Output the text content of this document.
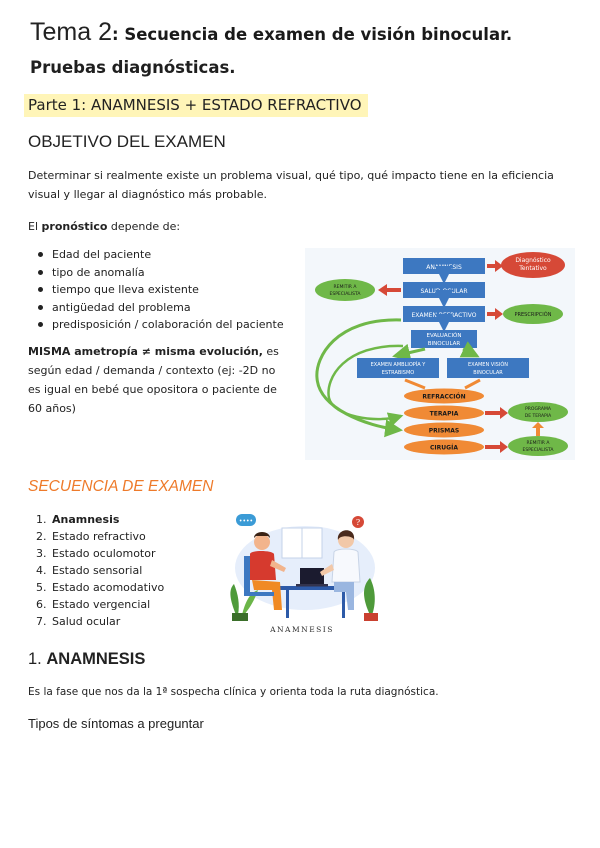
Tema 2: Secuencia de examen de visión binocular.
Pruebas diagnósticas.
Parte 1: ANAMNESIS + ESTADO REFRACTIVO
OBJETIVO DEL EXAMEN
Determinar si realmente existe un problema visual, qué tipo, qué impacto tiene en la eficiencia visual y llegar al diagnóstico más probable.
El pronóstico depende de:
Edad del paciente
tipo de anomalía
tiempo que lleva existente
antigüedad del problema
predisposición / colaboración del paciente
MISMA ametropía ≠ misma evolución, es según edad / demanda / contexto (ej: -2D no es igual en bebé que opositora o paciente de 60 años)
ANAMNESIS
Diagnóstico
Tentativo
SALUD OCULAR
REMITIR A
ESPECIALISTA
EXAMEN REFRACTIVO	PRESCRIPCIÓN
EVALUACIÓN
BINOCULAR
EXAMEN AMBLIOPÍA Y
ESTRABISMO
EXAMEN VISIÓN
BINOCULAR
REFRACCIÓN
TERAPIA
PRISMAS
CIRUGÍA
PROGRAMA
DE TERAPIA
REMITIR A
ESPECIALISTA
SECUENCIA DE EXAMEN
1. Anamnesis
2. Estado refractivo
3. Estado oculomotor
4. Estado sensorial
5. Estado acomodativo
6. Estado vergencial
7. Salud ocular
••••	?
ANAMNESIS
1. ANAMNESIS
Es la fase que nos da la 1ª sospecha clínica y orienta toda la ruta diagnóstica.
Tipos de síntomas a preguntar
